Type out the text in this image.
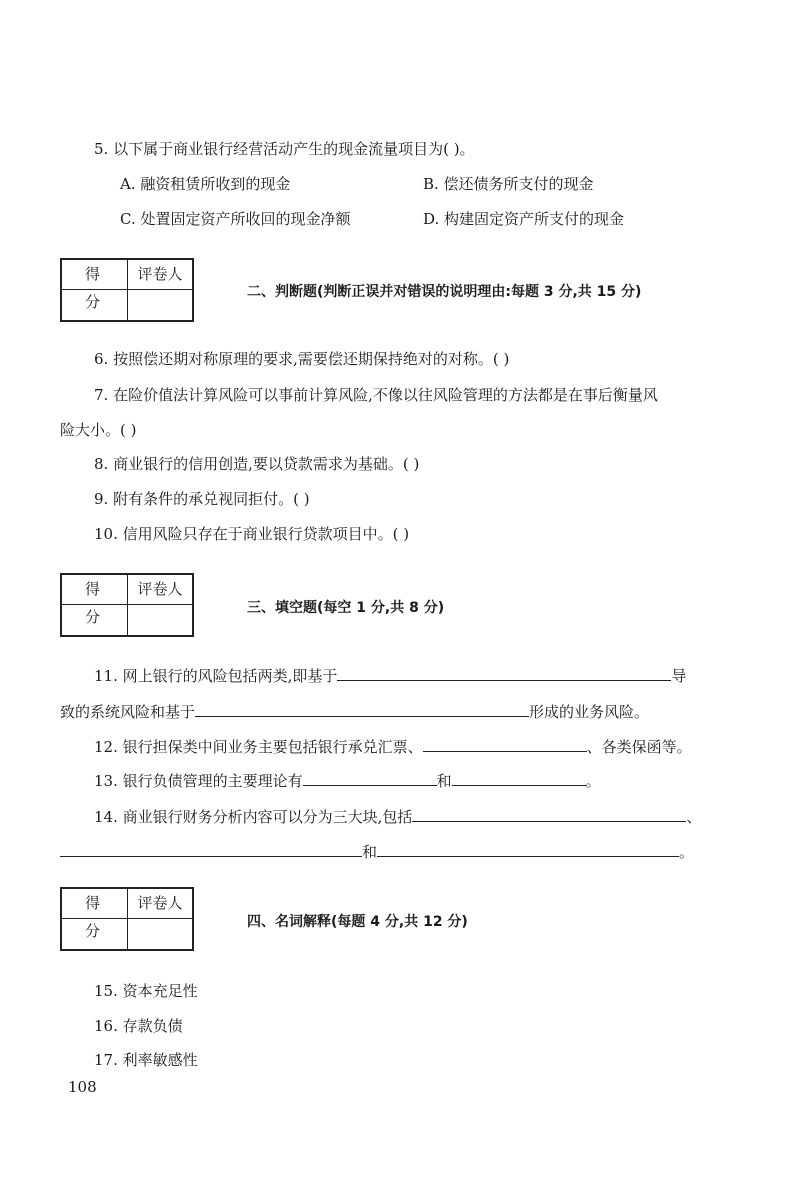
5. 以下属于商业银行经营活动产生的现金流量项目为( )。
A. 融资租赁所收到的现金	B. 偿还债务所支付的现金
C. 处置固定资产所收回的现金净额	D. 构建固定资产所支付的现金
得 分
评卷人
二、判断题(判断正误并对错误的说明理由:每题 3 分,共 15 分)
6. 按照偿还期对称原理的要求,需要偿还期保持绝对的对称。( )
7. 在险价值法计算风险可以事前计算风险,不像以往风险管理的方法都是在事后衡量风
险大小。( )
8. 商业银行的信用创造,要以贷款需求为基础。( )
9. 附有条件的承兑视同拒付。( )
10. 信用风险只存在于商业银行贷款项目中。( )
得 分
评卷人
三、填空题(每空 1 分,共 8 分)
11. 网上银行的风险包括两类,即基于	导
致的系统风险和基于	形成的业务风险。
12. 银行担保类中间业务主要包括银行承兑汇票、	、各类保函等。
13. 银行负债管理的主要理论有	和	。
14. 商业银行财务分析内容可以分为三大块,包括	、
和	。
得 分
评卷人
四、名词解释(每题 4 分,共 12 分)
15. 资本充足性
16. 存款负债
17. 利率敏感性
108
